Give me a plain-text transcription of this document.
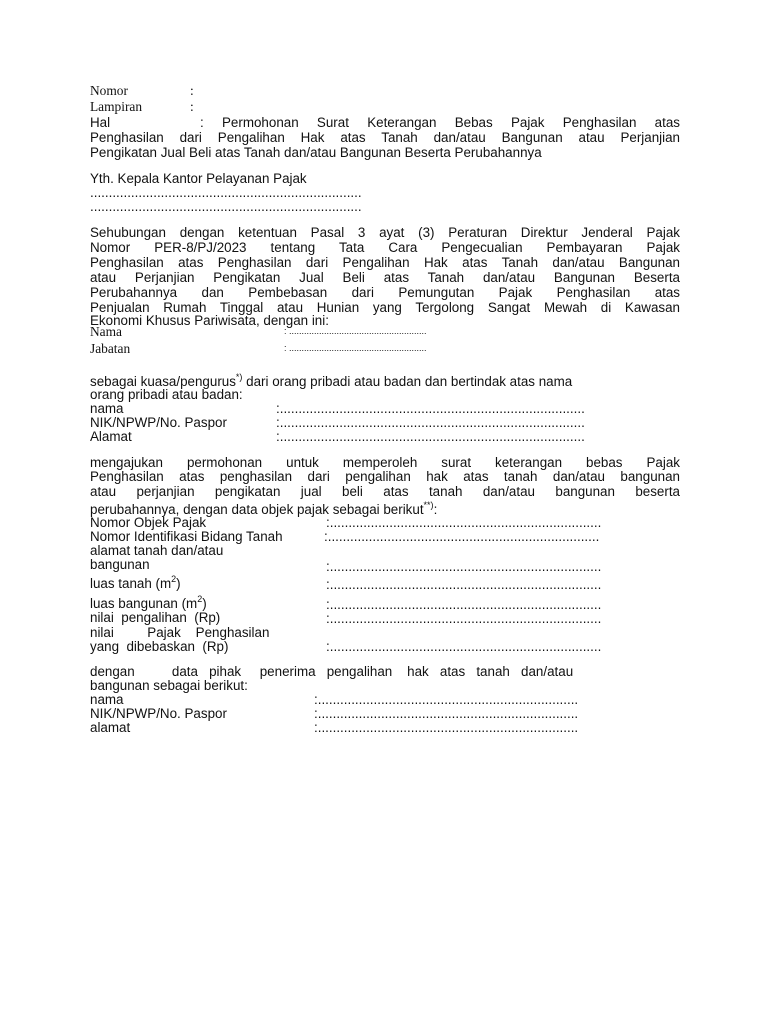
Nomor	:
Lampiran	:
Hal	: Permohonan Surat Keterangan Bebas Pajak Penghasilan atas
Penghasilan dari Pengalihan Hak atas Tanah dan/atau Bangunan atau Perjanjian
Pengikatan Jual Beli atas Tanah dan/atau Bangunan Beserta Perubahannya
Yth. Kepala Kantor Pelayanan Pajak
.........................................................................
.........................................................................
Sehubungan dengan ketentuan Pasal 3 ayat (3) Peraturan Direktur Jenderal Pajak
Nomor PER-8/PJ/2023 tentang Tata Cara Pengecualian Pembayaran Pajak
Penghasilan atas Penghasilan dari Pengalihan Hak atas Tanah dan/atau Bangunan
atau Perjanjian Pengikatan Jual Beli atas Tanah dan/atau Bangunan Beserta
Perubahannya dan Pembebasan dari Pemungutan Pajak Penghasilan atas
Penjualan Rumah Tinggal atau Hunian yang Tergolong Sangat Mewah di Kawasan
Ekonomi Khusus Pariwisata, dengan ini:
Nama	: .......................................................
Jabatan	: .......................................................
sebagai kuasa/pengurus*) dari orang pribadi atau badan dan bertindak atas nama
orang pribadi atau badan:
nama	:..................................................................................
NIK/NPWP/No. Paspor	:..................................................................................
Alamat	:..................................................................................
mengajukan permohonan untuk memperoleh surat keterangan bebas Pajak
Penghasilan atas penghasilan dari pengalihan hak atas tanah dan/atau bangunan
atau perjanjian pengikatan jual beli atas tanah dan/atau bangunan beserta
perubahannya, dengan data objek pajak sebagai berikut**):
Nomor Objek Pajak	:.........................................................................
Nomor Identifikasi Bidang Tanah	:.........................................................................
alamat tanah dan/atau
bangunan	:.........................................................................
luas tanah $(m^2)$	:.........................................................................
luas bangunan $(m^2)$	:.........................................................................
nilai  pengalihan  (Rp)	:.........................................................................
nilai         Pajak    Penghasilan
yang  dibebaskan  (Rp)	:.........................................................................
dengan          data   pihak     penerima   pengalihan    hak   atas   tanah   dan/atau
bangunan sebagai berikut:
nama	:......................................................................
NIK/NPWP/No. Paspor	:......................................................................
alamat	:......................................................................
